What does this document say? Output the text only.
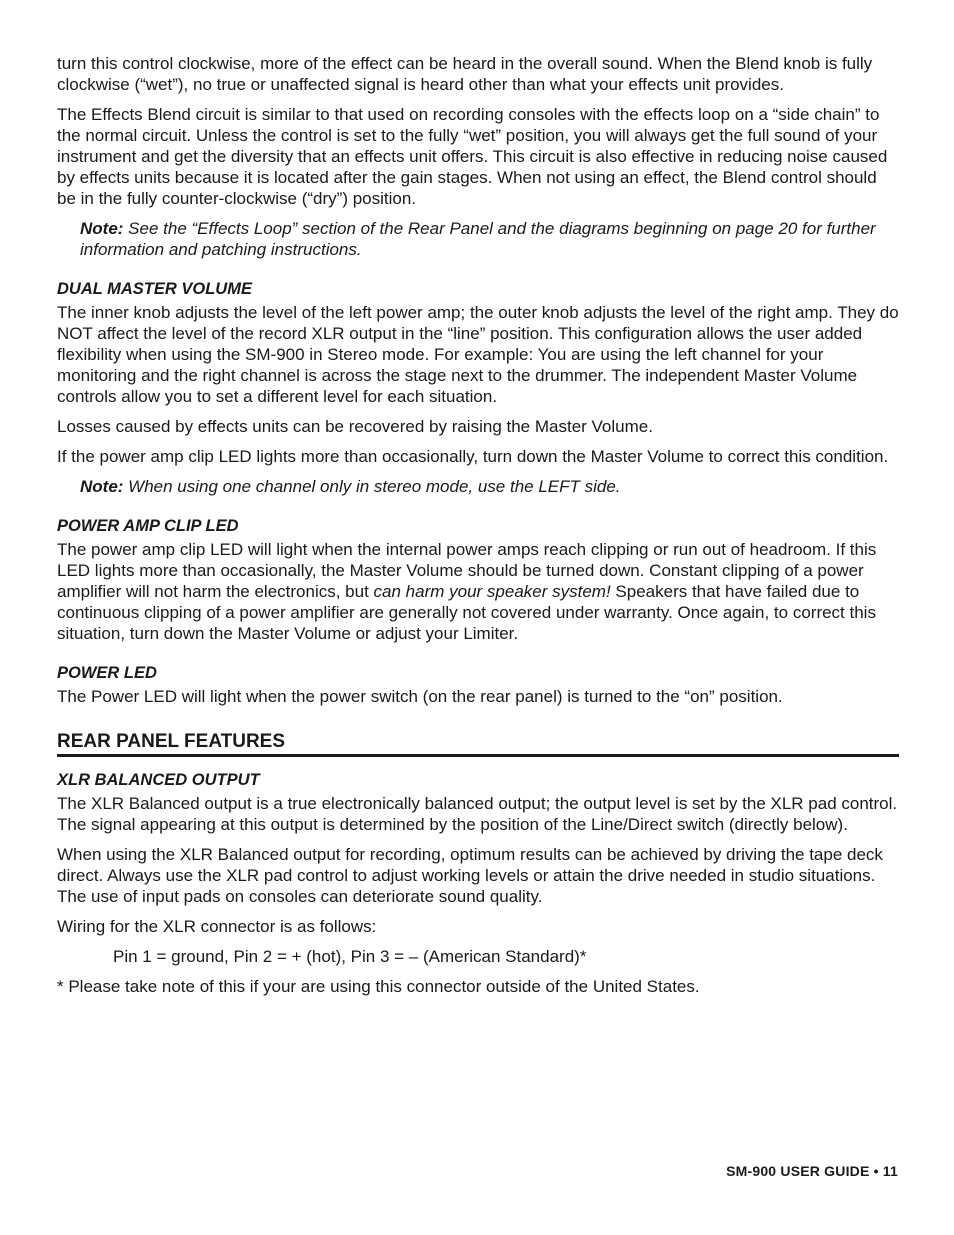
turn this control clockwise, more of the effect can be heard in the overall sound. When the Blend knob is fully clockwise (“wet”), no true or unaffected signal is heard other than what your effects unit provides.

The Effects Blend circuit is similar to that used on recording consoles with the effects loop on a “side chain” to the normal circuit. Unless the control is set to the fully “wet” position, you will always get the full sound of your instrument and get the diversity that an effects unit offers. This circuit is also effective in reducing noise caused by effects units because it is located after the gain stages. When not using an effect, the Blend control should be in the fully counter-clockwise (“dry”) position.

Note: See the “Effects Loop” section of the Rear Panel and the diagrams beginning on page 20 for further information and patching instructions.

DUAL MASTER VOLUME

The inner knob adjusts the level of the left power amp; the outer knob adjusts the level of the right amp. They do NOT affect the level of the record XLR output in the “line” position. This configuration allows the user added flexibility when using the SM-900 in Stereo mode. For example: You are using the left channel for your monitoring and the right channel is across the stage next to the drummer. The independent Master Volume controls allow you to set a different level for each situation.

Losses caused by effects units can be recovered by raising the Master Volume.

If the power amp clip LED lights more than occasionally, turn down the Master Volume to correct this condition.

Note: When using one channel only in stereo mode, use the LEFT side.

POWER AMP CLIP LED

The power amp clip LED will light when the internal power amps reach clipping or run out of headroom. If this LED lights more than occasionally, the Master Volume should be turned down. Constant clipping of a power amplifier will not harm the electronics, but can harm your speaker system! Speakers that have failed due to continuous clipping of a power amplifier are generally not covered under warranty. Once again, to correct this situation, turn down the Master Volume or adjust your Limiter.

POWER LED

The Power LED will light when the power switch (on the rear panel) is turned to the “on” position.

REAR PANEL FEATURES
XLR BALANCED OUTPUT

The XLR Balanced output is a true electronically balanced output; the output level is set by the XLR pad control. The signal appearing at this output is determined by the position of the Line/Direct switch (directly below).

When using the XLR Balanced output for recording, optimum results can be achieved by driving the tape deck direct. Always use the XLR pad control to adjust working levels or attain the drive needed in studio situations. The use of input pads on consoles can deteriorate sound quality.

Wiring for the XLR connector is as follows:

Pin 1 = ground, Pin 2 = + (hot), Pin 3 = – (American Standard)*

* Please take note of this if your are using this connector outside of the United States.

SM-900 USER GUIDE • 11
